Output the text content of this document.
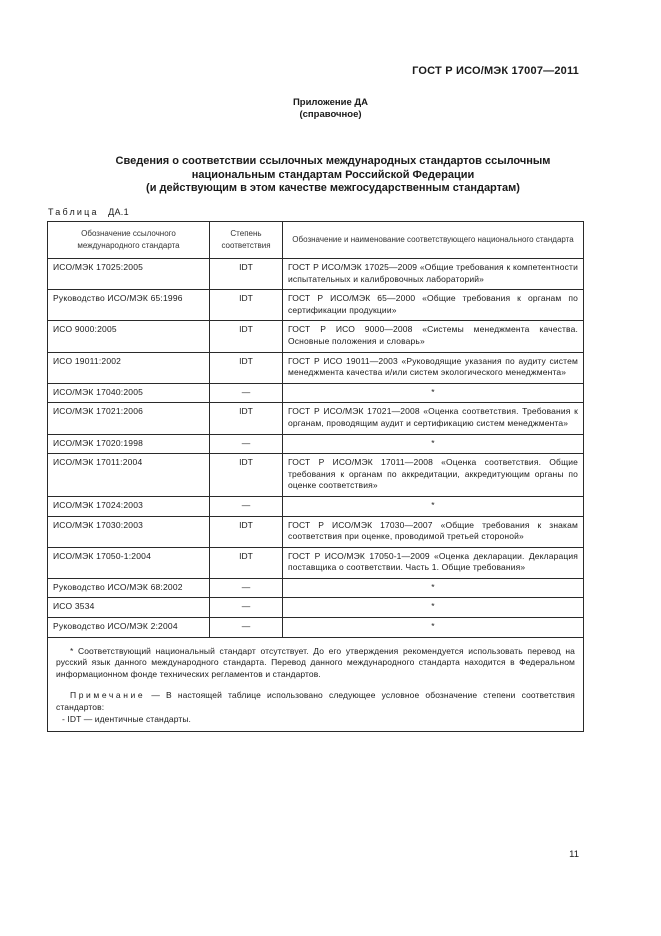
ГОСТ Р ИСО/МЭК 17007—2011
Приложение ДА
(справочное)
Сведения о соответствии ссылочных международных стандартов ссылочным
национальным стандартам Российской Федерации
(и действующим в этом качестве межгосударственным стандартам)
Таблица ДА.1
Обозначение ссылочного международного стандарта	Степень соответствия	Обозначение и наименование соответствующего национального стандарта
ИСО/МЭК 17025:2005	IDT	ГОСТ Р ИСО/МЭК 17025—2009 «Общие требования к компетентности испытательных и калибровочных лабораторий»
Руководство ИСО/МЭК 65:1996	IDT	ГОСТ Р ИСО/МЭК 65—2000 «Общие требования к органам по сертификации продукции»
ИСО 9000:2005	IDT	ГОСТ Р ИСО 9000—2008 «Системы менеджмента качества. Основные положения и словарь»
ИСО 19011:2002	IDT	ГОСТ Р ИСО 19011—2003 «Руководящие указания по аудиту систем менеджмента качества и/или систем экологического менеджмента»
ИСО/МЭК 17040:2005	—	*
ИСО/МЭК 17021:2006	IDT	ГОСТ Р ИСО/МЭК 17021—2008 «Оценка соответствия. Требования к органам, проводящим аудит и сертификацию систем менеджмента»
ИСО/МЭК 17020:1998	—	*
ИСО/МЭК 17011:2004	IDT	ГОСТ Р ИСО/МЭК 17011—2008 «Оценка соответствия. Общие требования к органам по аккредитации, аккредитующим органы по оценке соответствия»
ИСО/МЭК 17024:2003	—	*
ИСО/МЭК 17030:2003	IDT	ГОСТ Р ИСО/МЭК 17030—2007 «Общие требования к знакам соответствия при оценке, проводимой третьей стороной»
ИСО/МЭК 17050-1:2004	IDT	ГОСТ Р ИСО/МЭК 17050-1—2009 «Оценка декларации. Декларация поставщика о соответствии. Часть 1. Общие требования»
Руководство ИСО/МЭК 68:2002	—	*
ИСО 3534	—	*
Руководство ИСО/МЭК 2:2004	—	*

* Соответствующий национальный стандарт отсутствует. До его утверждения рекомендуется использовать перевод на русский язык данного международного стандарта. Перевод данного международного стандарта находится в Федеральном информационном фонде технических регламентов и стандартов.

Примечание — В настоящей таблице использовано следующее условное обозначение степени соответствия стандартов:

- IDT — идентичные стандарты.		

11
